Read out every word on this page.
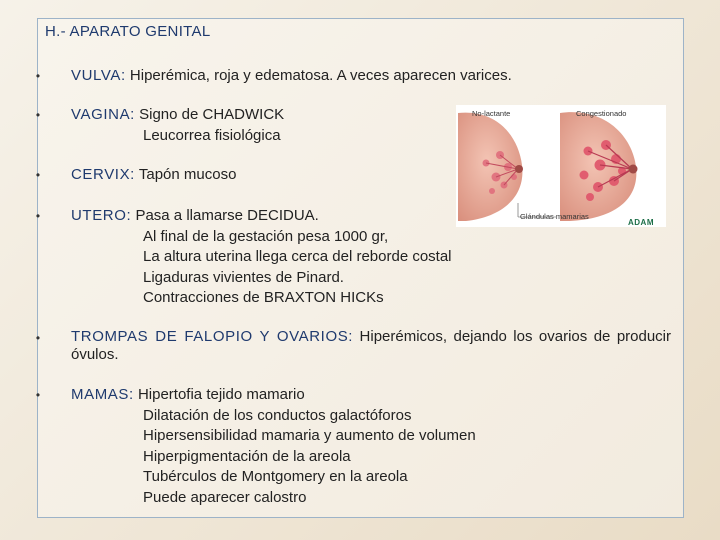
H.- APARATO GENITAL
•	VULVA: Hiperémica, roja y edematosa. A veces aparecen varices.
•	VAGINA: Signo de CHADWICK
Leucorrea fisiológica
•	CERVIX: Tapón mucoso
•	UTERO: Pasa a llamarse DECIDUA.
Al final de la gestación pesa 1000 gr,
La altura uterina llega cerca del reborde costal
Ligaduras vivientes de Pinard.
Contracciones de BRAXTON HICKs
•	TROMPAS DE FALOPIO Y OVARIOS: Hiperémicos, dejando los ovarios de producir óvulos.
•	MAMAS: Hipertofia tejido mamario
Dilatación de los conductos galactóforos
Hipersensibilidad mamaria y aumento de volumen
Hiperpigmentación de la areola
Tubérculos de Montgomery en la areola
Puede aparecer calostro
No-lactante	Congestionado
Glándulas mamarias
ADAM
